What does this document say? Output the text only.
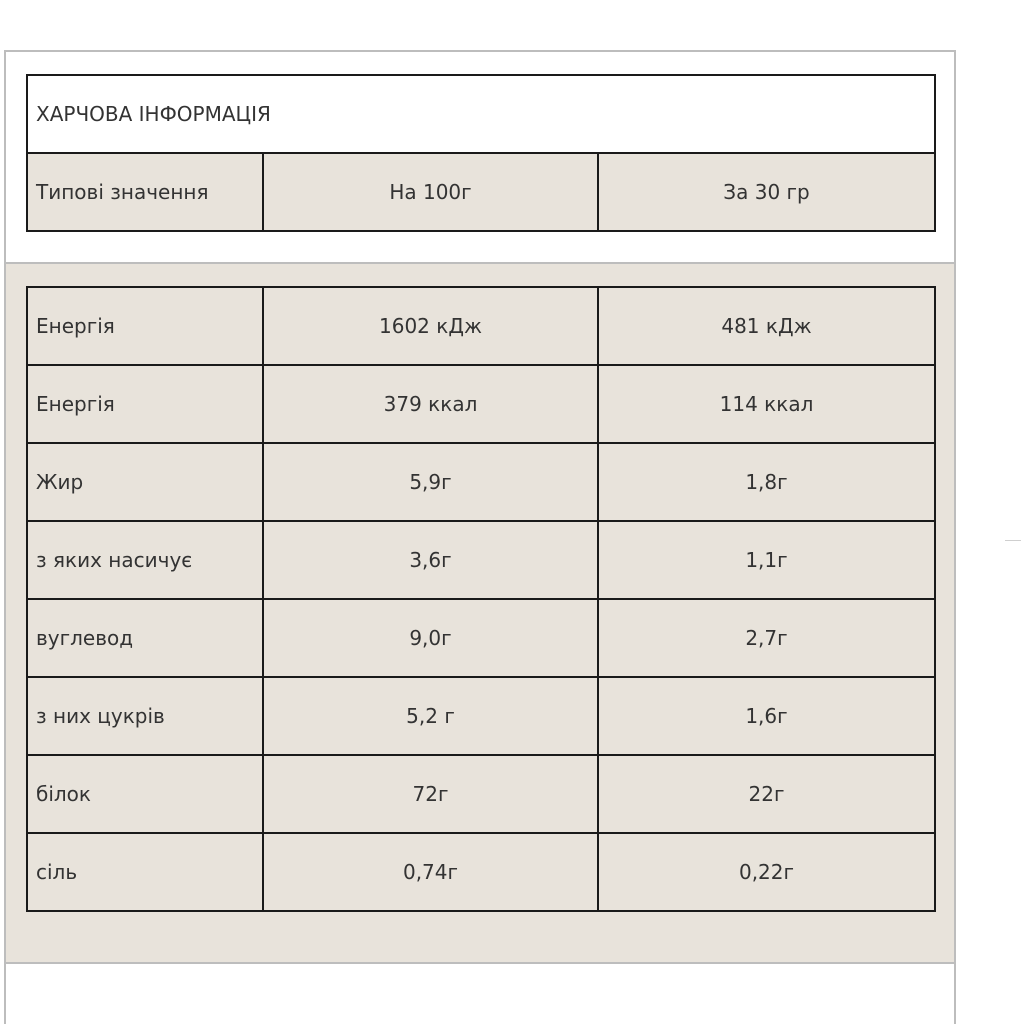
ХАРЧОВА ІНФОРМАЦІЯ
Типові значення	На 100г	За 30 гр
Енергія	1602 кДж	481 кДж
Енергія	379 ккал	114 ккал
Жир	5,9г	1,8г
з яких насичує	3,6г	1,1г
вуглевод	9,0г	2,7г
з них цукрів	5,2 г	1,6г
білок	72г	22г
сіль	0,74г	0,22г
